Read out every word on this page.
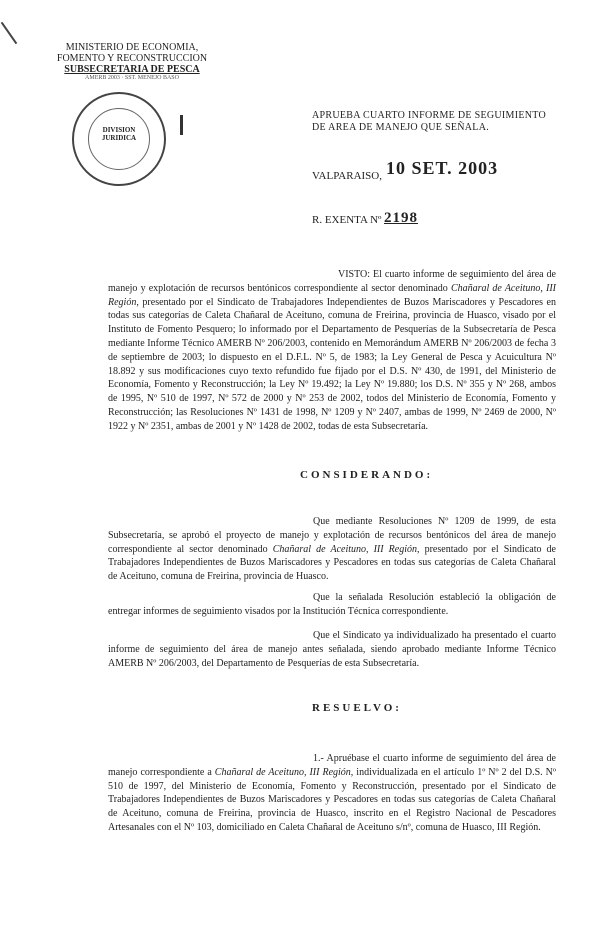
MINISTERIO DE ECONOMIA,
FOMENTO Y RECONSTRUCCION
SUBSECRETARIA DE PESCA
AMERB 2003 · SST. MENEJO BASO
DIVISION
JURIDICA
APRUEBA CUARTO INFORME DE SEGUIMIENTO DE AREA DE MANEJO QUE SEÑALA.
VALPARAISO, 10 SET. 2003
R. EXENTA Nº 2198
VISTO: El cuarto informe de seguimiento del área de manejo y explotación de recursos bentónicos correspondiente al sector denominado Chañaral de Aceituno, III Región, presentado por el Sindicato de Trabajadores Independientes de Buzos Mariscadores y Pescadores en todas sus categorías de Caleta Chañaral de Aceituno, comuna de Freirina, provincia de Huasco, visado por el Instituto de Fomento Pesquero; lo informado por el Departamento de Pesquerías de la Subsecretaría de Pesca mediante Informe Técnico AMERB Nº 206/2003, contenido en Memorándum AMERB Nº 206/2003 de fecha 3 de septiembre de 2003; lo dispuesto en el D.F.L. Nº 5, de 1983; la Ley General de Pesca y Acuicultura Nº 18.892 y sus modificaciones cuyo texto refundido fue fijado por el D.S. Nº 430, de 1991, del Ministerio de Economía, Fomento y Reconstrucción; la Ley Nº 19.492; la Ley Nº 19.880; los D.S. Nº 355 y Nº 268, ambos de 1995, Nº 510 de 1997, Nº 572 de 2000 y Nº 253 de 2002, todos del Ministerio de Economía, Fomento y Reconstrucción; las Resoluciones Nº 1431 de 1998, Nº 1209 y Nº 2407, ambas de 1999, Nº 2469 de 2000, Nº 1922 y Nº 2351, ambas de 2001 y Nº 1428 de 2002, todas de esta Subsecretaría.
CONSIDERANDO:
Que mediante Resoluciones Nº 1209 de 1999, de esta Subsecretaría, se aprobó el proyecto de manejo y explotación de recursos bentónicos del área de manejo correspondiente al sector denominado Chañaral de Aceituno, III Región, presentado por el Sindicato de Trabajadores Independientes de Buzos Mariscadores y Pescadores en todas sus categorías de Caleta Chañaral de Aceituno, comuna de Freirina, provincia de Huasco.
Que la señalada Resolución estableció la obligación de entregar informes de seguimiento visados por la Institución Técnica correspondiente.
Que el Sindicato ya individualizado ha presentado el cuarto informe de seguimiento del área de manejo antes señalada, siendo aprobado mediante Informe Técnico AMERB Nº 206/2003, del Departamento de Pesquerías de esta Subsecretaría.
RESUELVO:
1.- Apruébase el cuarto informe de seguimiento del área de manejo correspondiente a Chañaral de Aceituno, III Región, individualizada en el artículo 1º Nº 2 del D.S. Nº 510 de 1997, del Ministerio de Economía, Fomento y Reconstrucción, presentado por el Sindicato de Trabajadores Independientes de Buzos Mariscadores y Pescadores en todas sus categorías de Caleta Chañaral de Aceituno, comuna de Freirina, provincia de Huasco, inscrito en el Registro Nacional de Pescadores Artesanales con el Nº 103, domiciliado en Caleta Chañaral de Aceituno s/nº, comuna de Huasco, III Región.
